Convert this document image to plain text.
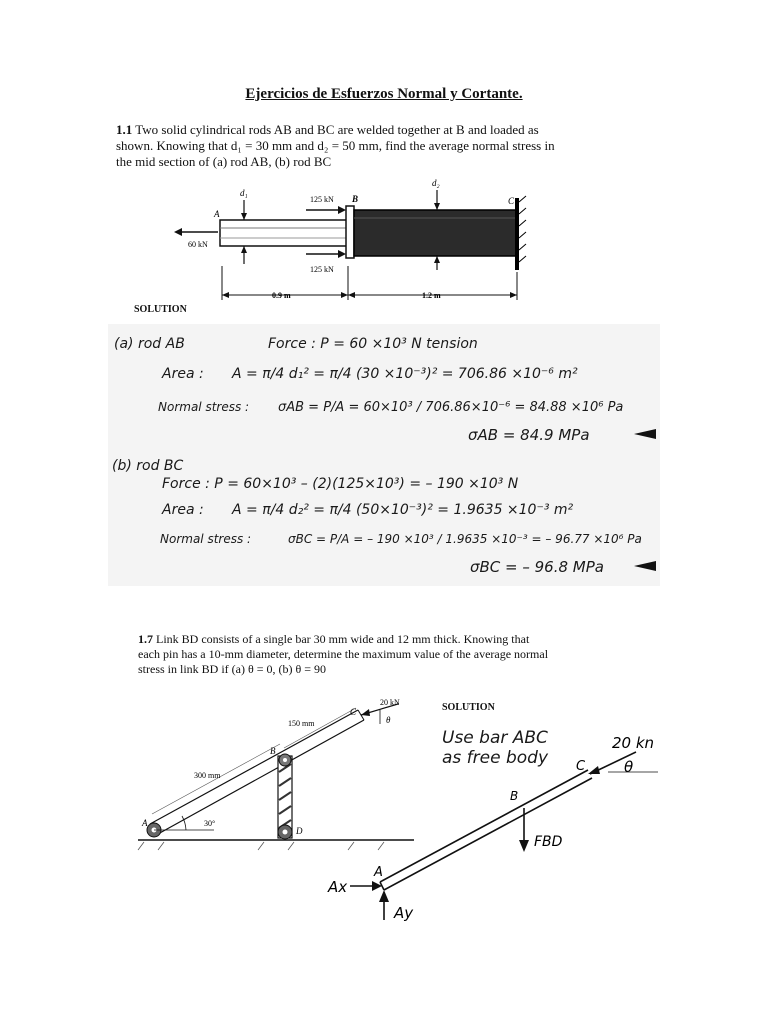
Ejercicios de Esfuerzos Normal y Cortante.
1.1 Two solid cylindrical rods AB and BC are welded together at B and loaded as
shown. Knowing that d₁ = 30 mm and d₂ = 50 mm, find the average normal stress in
the mid section of (a) rod AB, (b) rod BC
d₁
d₂
A
B	C
125 kN
125 kN
60 kN
0.9 m	1.2 m
SOLUTION
(a) rod AB	Force : P = 60 ×10³ N tension
Area : A = π/4 d₁² = π/4 (30 ×10⁻³)² = 706.86 ×10⁻⁶ m²
Normal stress : σAB = P/A = 60×10³ / 706.86×10⁻⁶ = 84.88 ×10⁶ Pa
σAB = 84.9 MPa
(b) rod BC
Force : P = 60×10³ – (2)(125×10³) = – 190 ×10³ N
Area : A = π/4 d₂² = π/4 (50×10⁻³)² = 1.9635 ×10⁻³ m²
Normal stress :	σBC = P/A = – 190 ×10³ / 1.9635 ×10⁻³ = – 96.77 ×10⁶ Pa
σBC = – 96.8 MPa
1.7 Link BD consists of a single bar 30 mm wide and 12 mm thick. Knowing that
each pin has a 10-mm diameter, determine the maximum value of the average normal
stress in link BD if (a) θ = 0, (b) θ = 90
20 kN
150 mm
300 mm
30°
A
B
C
D
θ
SOLUTION
Use bar ABC
as free body
20 kn
θ
A
B
C
Ax
Ay
FBD
